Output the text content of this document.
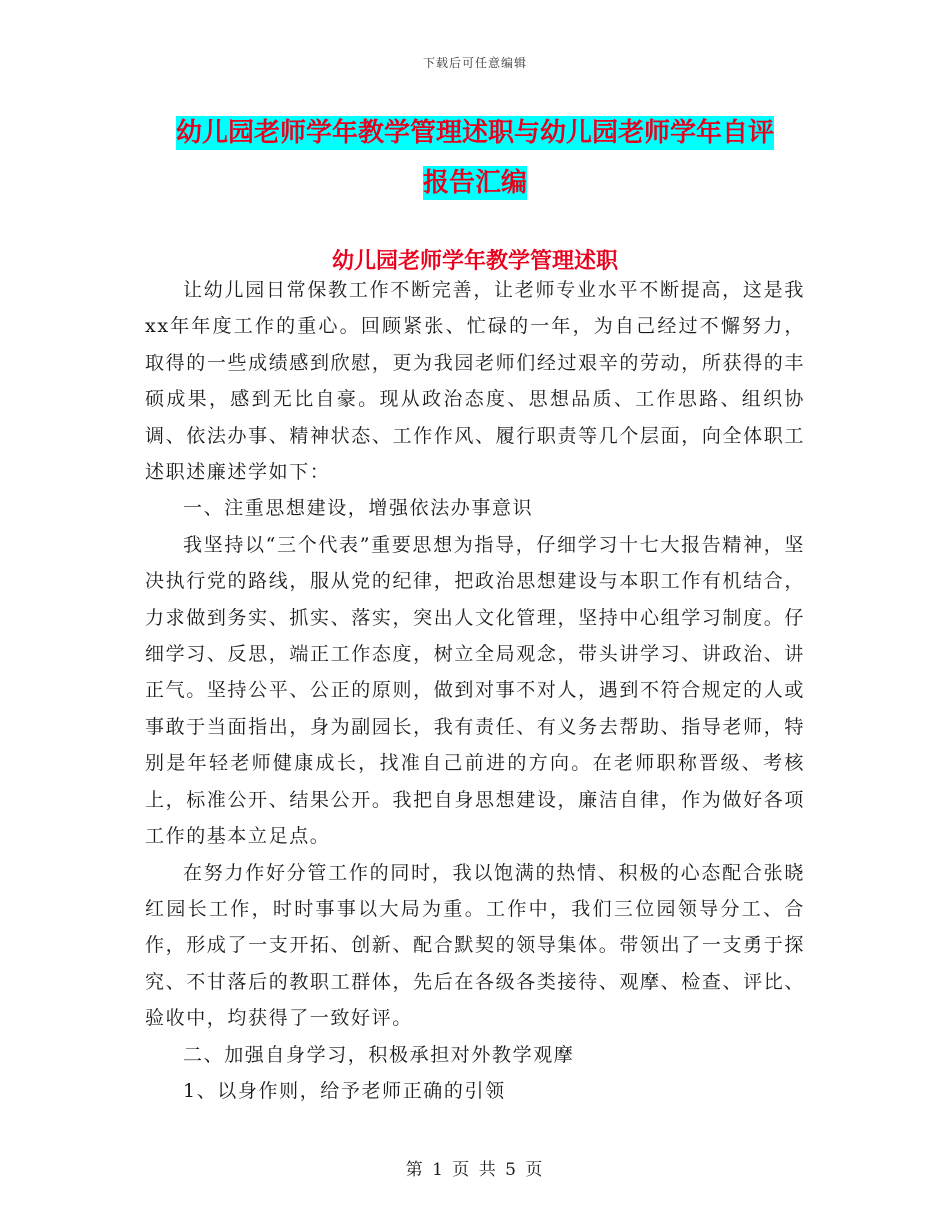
下载后可任意编辑
幼儿园老师学年教学管理述职与幼儿园老师学年自评
报告汇编
幼儿园老师学年教学管理述职

让幼儿园日常保教工作不断完善，让老师专业水平不断提高，这是我xx年年度工作的重心。回顾紧张、忙碌的一年，为自己经过不懈努力，取得的一些成绩感到欣慰，更为我园老师们经过艰辛的劳动，所获得的丰硕成果，感到无比自豪。现从政治态度、思想品质、工作思路、组织协调、依法办事、精神状态、工作作风、履行职责等几个层面，向全体职工述职述廉述学如下：

一、注重思想建设，增强依法办事意识

我坚持以“三个代表”重要思想为指导，仔细学习十七大报告精神，坚决执行党的路线，服从党的纪律，把政治思想建设与本职工作有机结合，力求做到务实、抓实、落实，突出人文化管理，坚持中心组学习制度。仔细学习、反思，端正工作态度，树立全局观念，带头讲学习、讲政治、讲正气。坚持公平、公正的原则，做到对事不对人，遇到不符合规定的人或事敢于当面指出，身为副园长，我有责任、有义务去帮助、指导老师，特别是年轻老师健康成长，找准自己前进的方向。在老师职称晋级、考核上，标准公开、结果公开。我把自身思想建设，廉洁自律，作为做好各项工作的基本立足点。

在努力作好分管工作的同时，我以饱满的热情、积极的心态配合张晓红园长工作，时时事事以大局为重。工作中，我们三位园领导分工、合作，形成了一支开拓、创新、配合默契的领导集体。带领出了一支勇于探究、不甘落后的教职工群体，先后在各级各类接待、观摩、检查、评比、验收中，均获得了一致好评。

二、加强自身学习，积极承担对外教学观摩

1、以身作则，给予老师正确的引领

第 1 页 共 5 页
